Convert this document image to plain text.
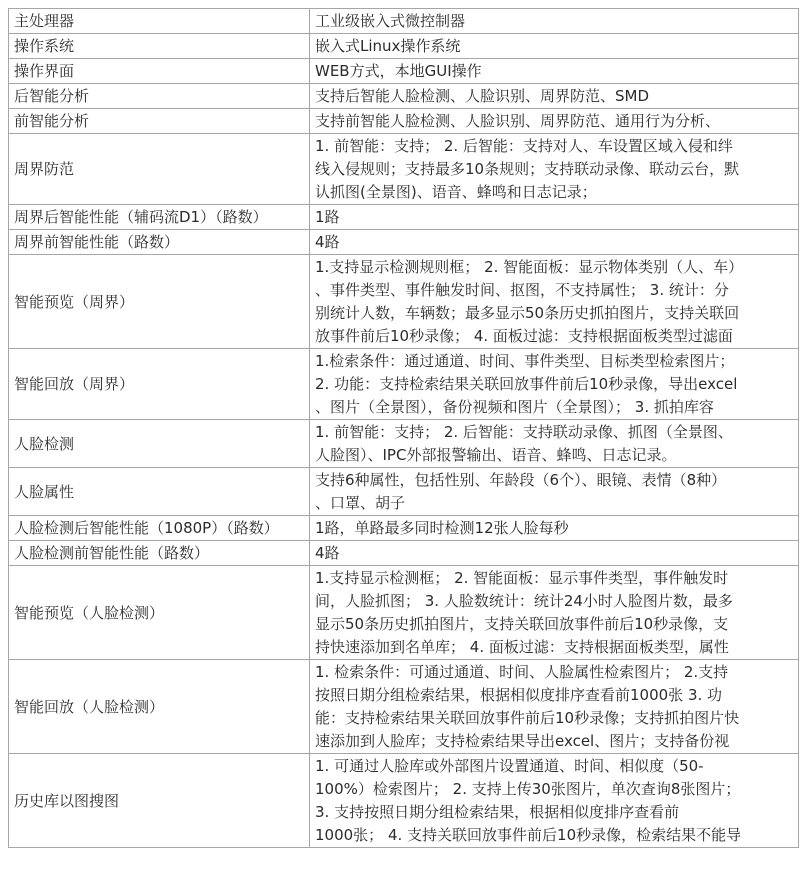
主处理器	工业级嵌入式微控制器

操作系统	嵌入式Linux操作系统

操作界面	WEB方式，本地GUI操作

后智能分析	支持后智能人脸检测、人脸识别、周界防范、SMD

前智能分析	支持前智能人脸检测、人脸识别、周界防范、通用行为分析、

周界防范	1. 前智能：支持； 2. 后智能：支持对人、车设置区域入侵和绊
线入侵规则；支持最多10条规则；支持联动录像、联动云台，默
认抓图(全景图)、语音、蜂鸣和日志记录；

周界后智能性能（辅码流D1）（路数）	1路

周界前智能性能（路数）	4路

智能预览（周界）	1.支持显示检测规则框； 2. 智能面板：显示物体类别（人、车）
、事件类型、事件触发时间、抠图，不支持属性； 3. 统计：分
别统计人数，车辆数；最多显示50条历史抓拍图片，支持关联回
放事件前后10秒录像； 4. 面板过滤：支持根据面板类型过滤面

智能回放（周界）	1.检索条件：通过通道、时间、事件类型、目标类型检索图片；
2. 功能：支持检索结果关联回放事件前后10秒录像，导出excel
、图片（全景图），备份视频和图片（全景图）； 3. 抓拍库容

人脸检测	1. 前智能：支持； 2. 后智能：支持联动录像、抓图（全景图、
人脸图）、IPC外部报警输出、语音、蜂鸣、日志记录。

人脸属性	支持6种属性，包括性别、年龄段（6个）、眼镜、表情（8种）
、口罩、胡子

人脸检测后智能性能（1080P）（路数）	1路，单路最多同时检测12张人脸每秒

人脸检测前智能性能（路数）	4路

智能预览（人脸检测）	1.支持显示检测框； 2. 智能面板：显示事件类型，事件触发时
间，人脸抓图； 3. 人脸数统计：统计24小时人脸图片数，最多
显示50条历史抓拍图片，支持关联回放事件前后10秒录像，支
持快速添加到名单库； 4. 面板过滤：支持根据面板类型，属性

智能回放（人脸检测）	1. 检索条件：可通过通道、时间、人脸属性检索图片； 2.支持
按照日期分组检索结果，根据相似度排序查看前1000张 3. 功
能：支持检索结果关联回放事件前后10秒录像；支持抓拍图片快
速添加到人脸库；支持检索结果导出excel、图片；支持备份视

历史库以图搜图	1. 可通过人脸库或外部图片设置通道、时间、相似度（50-
100%）检索图片； 2. 支持上传30张图片，单次查询8张图片；
3. 支持按照日期分组检索结果，根据相似度排序查看前
1000张； 4. 支持关联回放事件前后10秒录像，检索结果不能导
